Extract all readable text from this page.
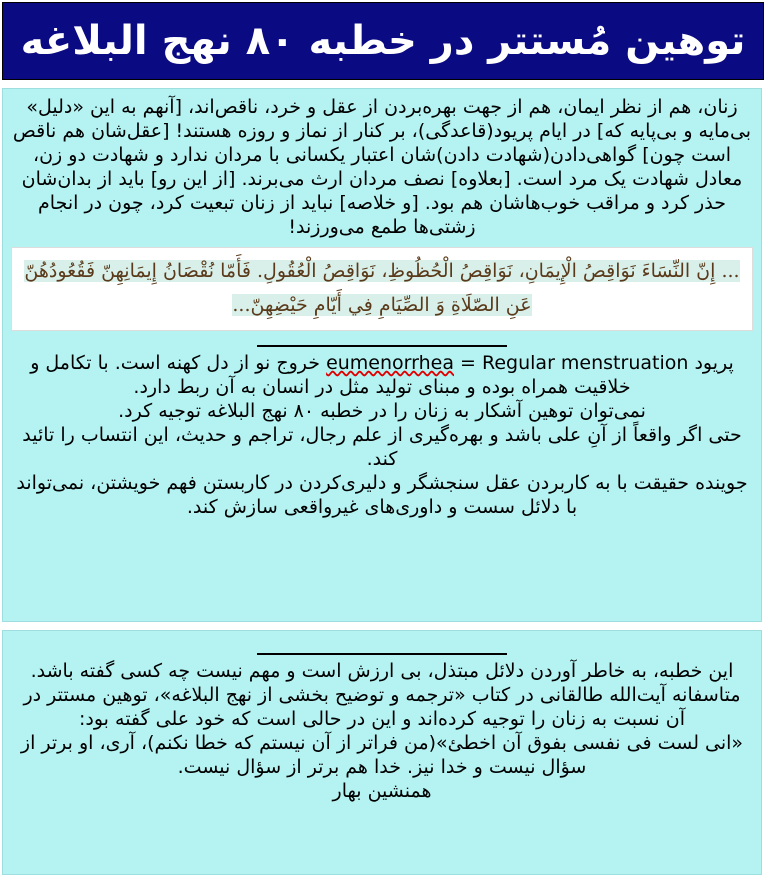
توهین مُستتر در خطبه ۸۰ نهج البلاغه

زنان، هم از نظر ایمان، هم از جهت بهره‌بردن از عقل و خرد، ناقص‌اند، [آنهم به این «دلیل» بی‌مایه و بی‌پایه که] در ایام پریود(قاعدگی)، بر کنار از نماز و روزه هستند! [عقل‌شان هم ناقص است چون] گواهی‌دادن(شهادت دادن)شان اعتبار یکسانی با مردان ندارد و شهادت دو زن، معادل شهادت یک مرد است. [بعلاوه] نصف مردان ارث می‌برند. [از این رو] باید از بدان‌شان حذر کرد و مراقب خوب‌هاشان هم بود. [و خلاصه] نباید از زنان تبعیت کرد، چون در انجام زشتی‌ها طمع می‌ورزند!

... إِنّ النِّسَاءَ نَوَاقِصُ الْإِيمَانِ، نَوَاقِصُ الْحُظُوظِ، نَوَاقِصُ الْعُقُولِ. فَأَمّا نُقْصَانُ إِيمَانِهِنّ فَقُعُودُهُنّ عَنِ الصّلَاةِ وَ الصِّيَامِ فِي أَيّامِ حَيْضِهِنّ...

پریود eumenorrhea = Regular menstruation خروج نو از دل کهنه است. با تکامل و خلاقیت همراه بوده و مبنای تولید مثل در انسان به آن ربط دارد.

نمی‌توان توهین آشکار به زنان را در خطبه ۸۰ نهج البلاغه توجیه کرد.

حتی اگر واقعاً از آنِ علی باشد و بهره‌گیری از علم رجال، تراجم و حدیث، این انتساب را تائید کند.

جوینده حقیقت با به کاربردن عقل سنجشگر و دلیری‌کردن در کاربستن فهم خویشتن، نمی‌تواند با دلائل سست و داوری‌های غیرواقعی سازش کند.

این خطبه، به خاطر آوردن دلائل مبتذل، بی ارزش است و مهم نیست چه کسی گفته باشد. متاسفانه آیت‌الله طالقانی در کتاب «ترجمه و توضیح بخشی از نهج البلاغه»، توهین مستتر در آن نسبت به زنان را توجیه کرده‌اند و این در حالی است که خود علی گفته بود:

«انی لست فی نفسی بفوق آن اخطئ»(من فراتر از آن نیستم که خطا نکنم)، آری، او برتر از سؤال نیست و خدا نیز. خدا هم برتر از سؤال نیست.

همنشین بهار
